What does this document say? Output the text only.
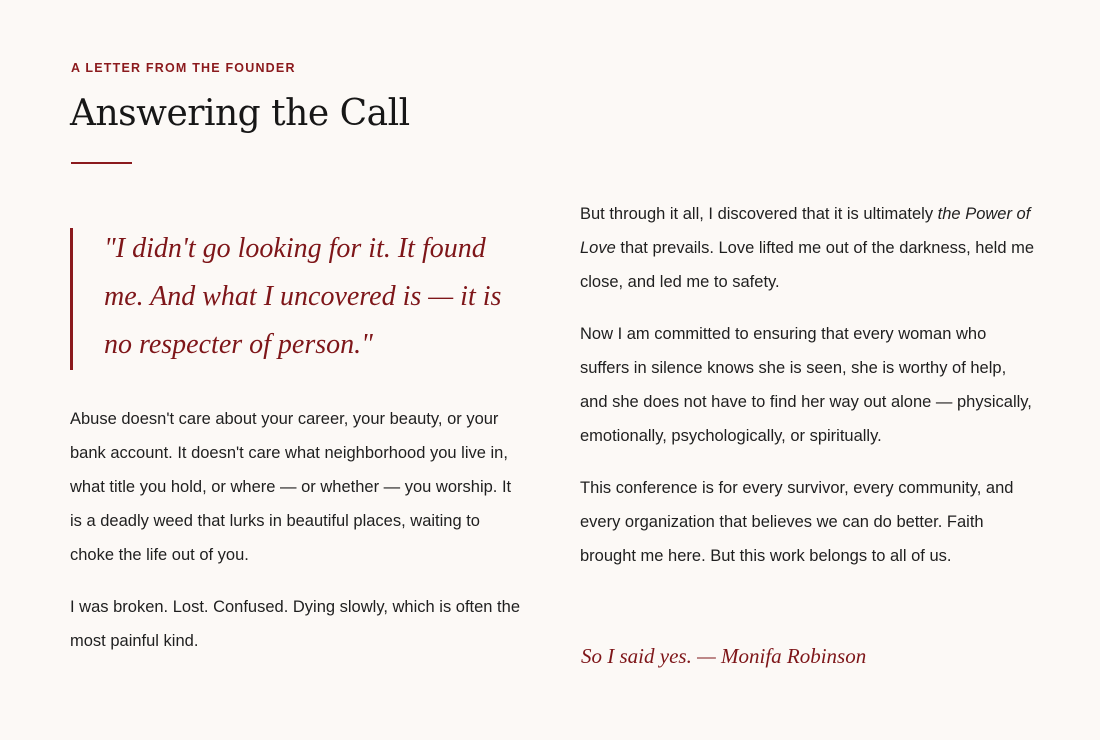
A LETTER FROM THE FOUNDER
Answering the Call

"I didn't go looking for it. It found me. And what I uncovered is — it is no respecter of person."

Abuse doesn't care about your career, your beauty, or your bank account. It doesn't care what neighborhood you live in, what title you hold, or where — or whether — you worship. It is a deadly weed that lurks in beautiful places, waiting to choke the life out of you.

I was broken. Lost. Confused. Dying slowly, which is often the most painful kind.

But through it all, I discovered that it is ultimately the Power of Love that prevails. Love lifted me out of the darkness, held me close, and led me to safety.

Now I am committed to ensuring that every woman who suffers in silence knows she is seen, she is worthy of help, and she does not have to find her way out alone — physically, emotionally, psychologically, or spiritually.

This conference is for every survivor, every community, and every organization that believes we can do better. Faith brought me here. But this work belongs to all of us.

So I said yes. — Monifa Robinson
